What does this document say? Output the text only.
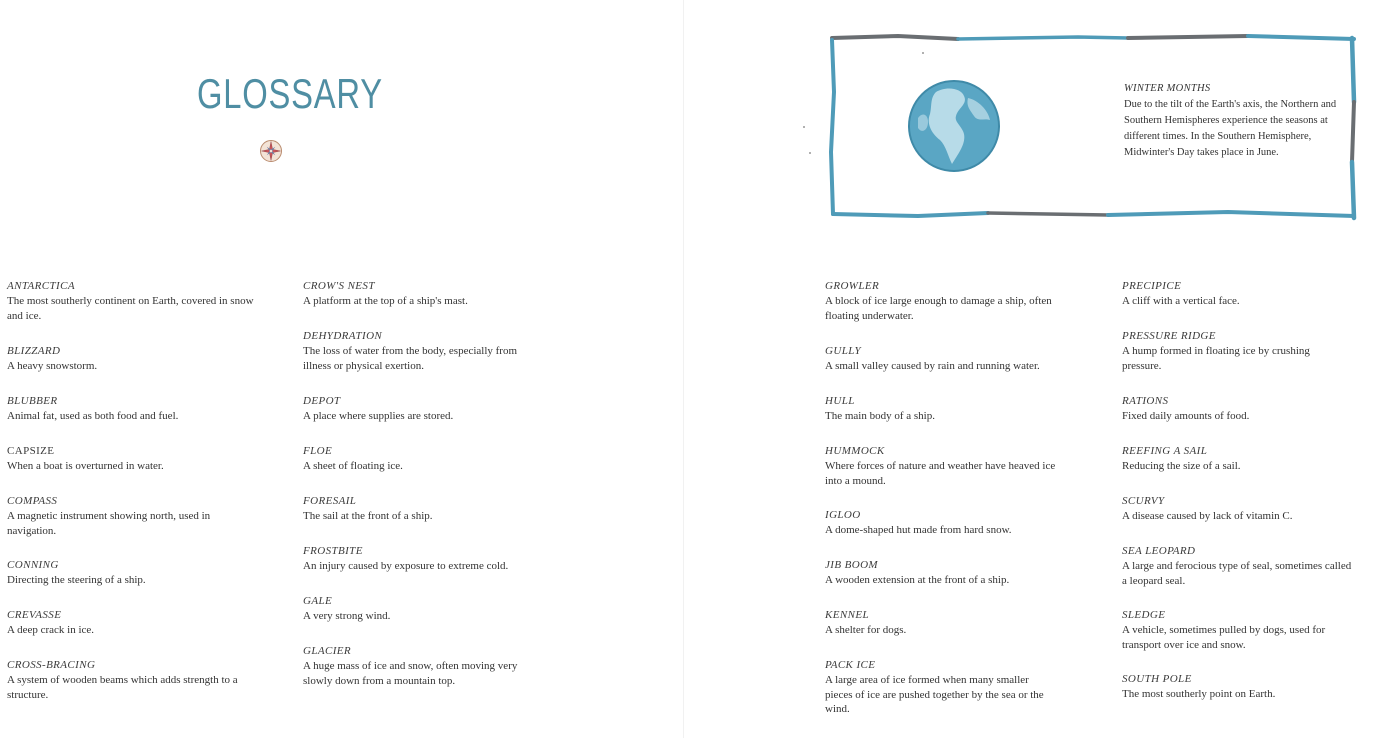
GLOSSARY	WINTER MONTHS
Due to the tilt of the Earth's axis, the Northern and Southern Hemispheres experience the seasons at different times. In the Southern Hemisphere, Midwinter's Day takes place in June.
ANTARCTICA
The most southerly continent on Earth, covered in snow and ice.
BLIZZARD
A heavy snowstorm.
BLUBBER
Animal fat, used as both food and fuel.
CAPSIZE
When a boat is overturned in water.
COMPASS
A magnetic instrument showing north, used in navigation.
CONNING
Directing the steering of a ship.
CREVASSE
A deep crack in ice.
CROSS-BRACING
A system of wooden beams which adds strength to a structure.
CROW'S NEST
A platform at the top of a ship's mast.
DEHYDRATION
The loss of water from the body, especially from illness or physical exertion.
DEPOT
A place where supplies are stored.
FLOE
A sheet of floating ice.
FORESAIL
The sail at the front of a ship.
FROSTBITE
An injury caused by exposure to extreme cold.
GALE
A very strong wind.
GLACIER
A huge mass of ice and snow, often moving very slowly down from a mountain top.
GROWLER
A block of ice large enough to damage a ship, often floating underwater.
GULLY
A small valley caused by rain and running water.
HULL
The main body of a ship.
HUMMOCK
Where forces of nature and weather have heaved ice into a mound.
IGLOO
A dome-shaped hut made from hard snow.
JIB BOOM
A wooden extension at the front of a ship.
KENNEL
A shelter for dogs.
PACK ICE
A large area of ice formed when many smaller pieces of ice are pushed together by the sea or the wind.
PRECIPICE
A cliff with a vertical face.
PRESSURE RIDGE
A hump formed in floating ice by crushing pressure.
RATIONS
Fixed daily amounts of food.
REEFING A SAIL
Reducing the size of a sail.
SCURVY
A disease caused by lack of vitamin C.
SEA LEOPARD
A large and ferocious type of seal, sometimes called a leopard seal.
SLEDGE
A vehicle, sometimes pulled by dogs, used for transport over ice and snow.
SOUTH POLE
The most southerly point on Earth.
